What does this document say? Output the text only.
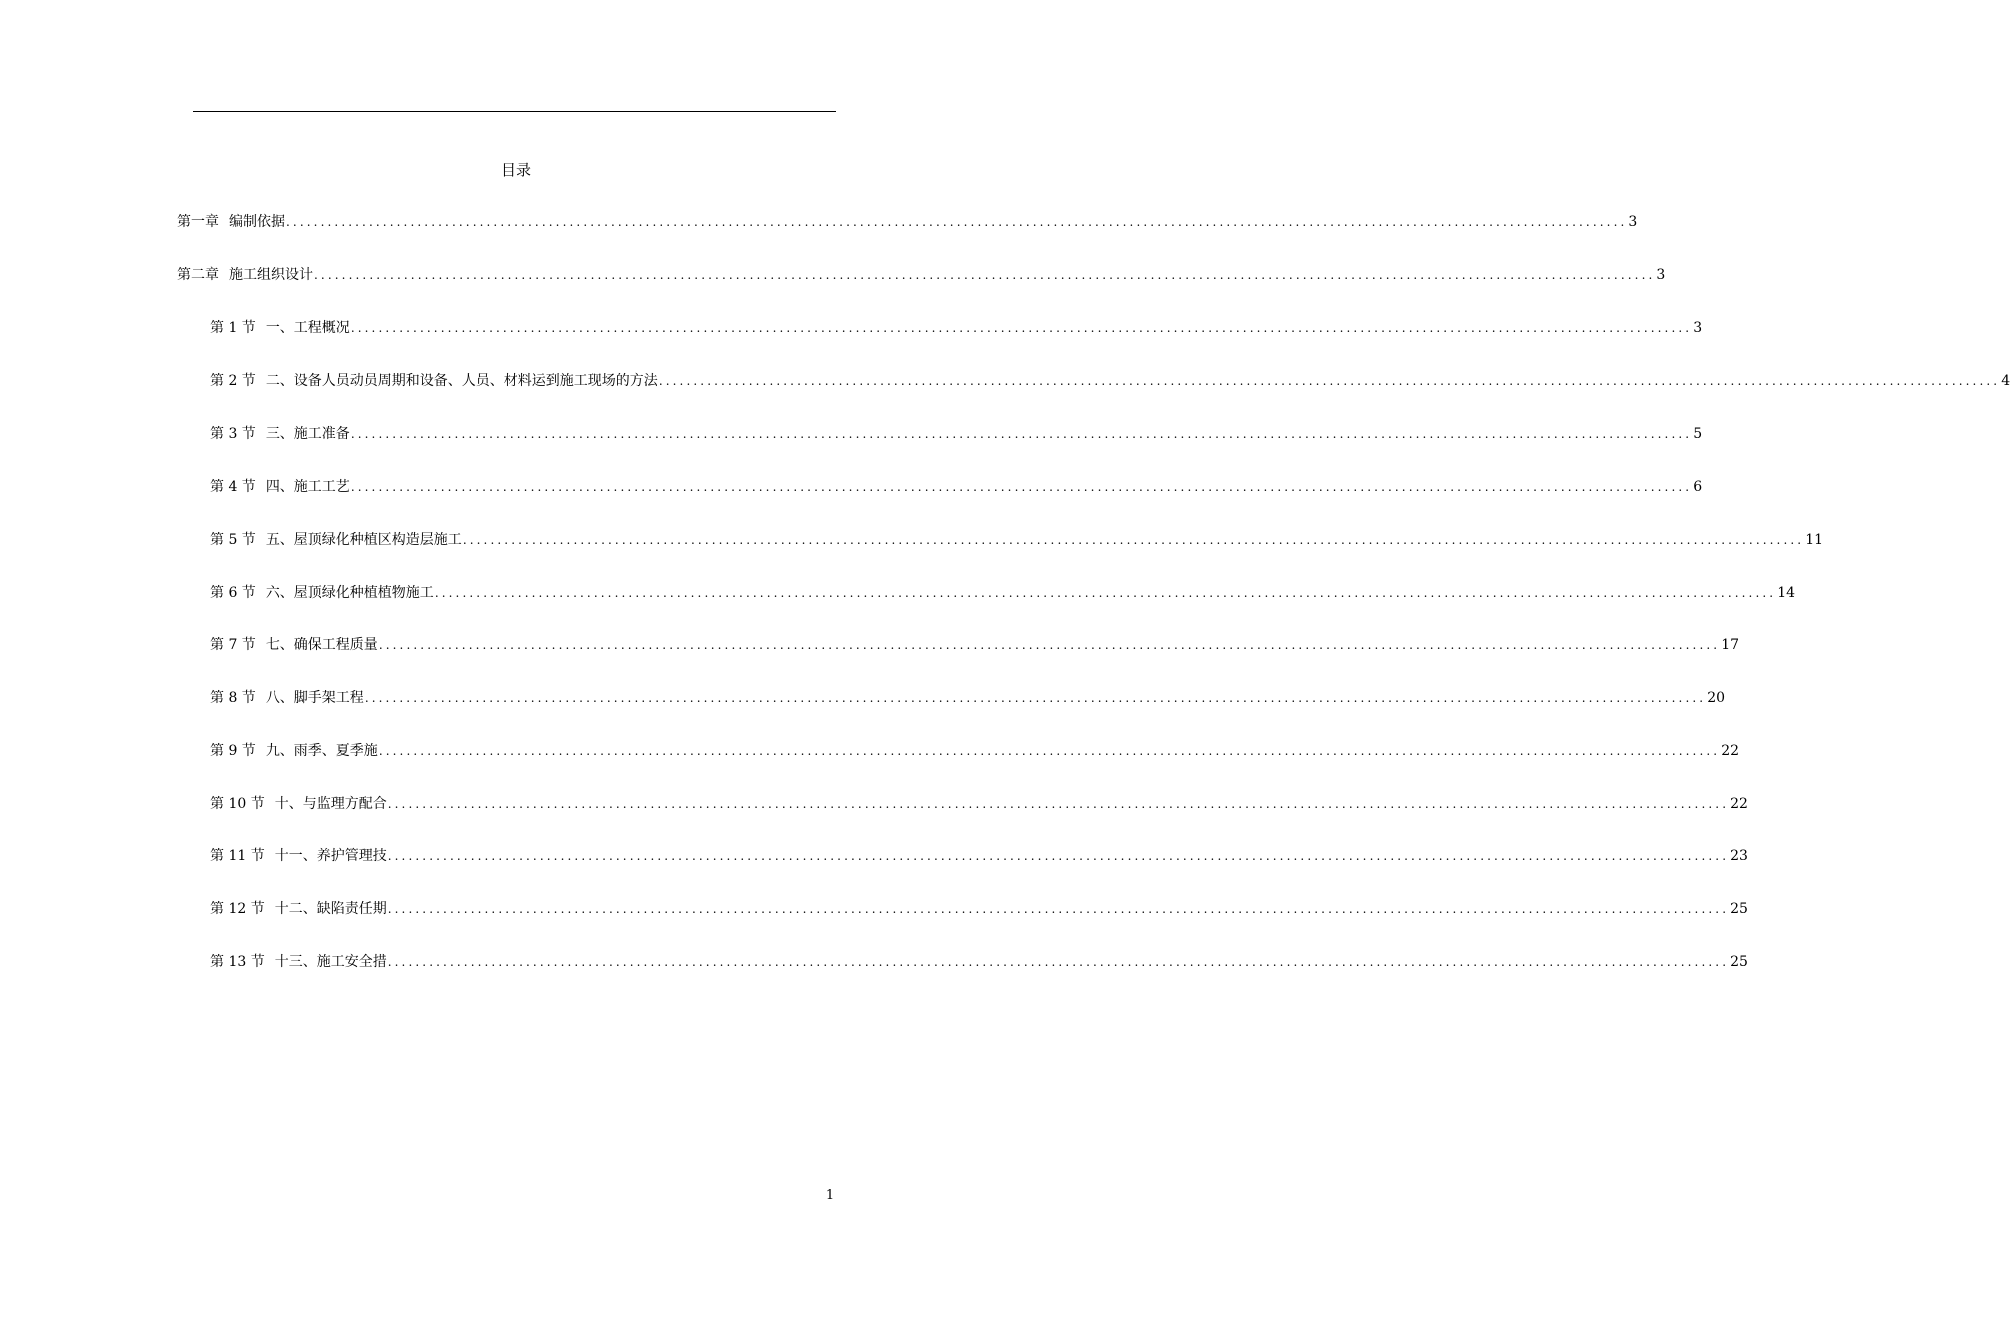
目录
第一章 编制依据 .................................................................................................................................................................................................. 3
第二章 施工组织设计 .................................................................................................................................................................................................. 3
第 1 节 一、工程概况 .................................................................................................................................................................................................. 3
第 2 节 二、设备人员动员周期和设备、人员、材料运到施工现场的方法 .................................................................................................................................................................................................. 4
第 3 节 三、施工准备 .................................................................................................................................................................................................. 5
第 4 节 四、施工工艺 .................................................................................................................................................................................................. 6
第 5 节 五、屋顶绿化种植区构造层施工 .................................................................................................................................................................................................. 11
第 6 节 六、屋顶绿化种植植物施工 .................................................................................................................................................................................................. 14
第 7 节 七、确保工程质量 .................................................................................................................................................................................................. 17
第 8 节 八、脚手架工程 .................................................................................................................................................................................................. 20
第 9 节 九、雨季、夏季施 .................................................................................................................................................................................................. 22
第 10 节 十、与监理方配合 .................................................................................................................................................................................................. 22
第 11 节 十一、养护管理技 .................................................................................................................................................................................................. 23
第 12 节 十二、缺陷责任期 .................................................................................................................................................................................................. 25
第 13 节 十三、施工安全措 .................................................................................................................................................................................................. 25
1
